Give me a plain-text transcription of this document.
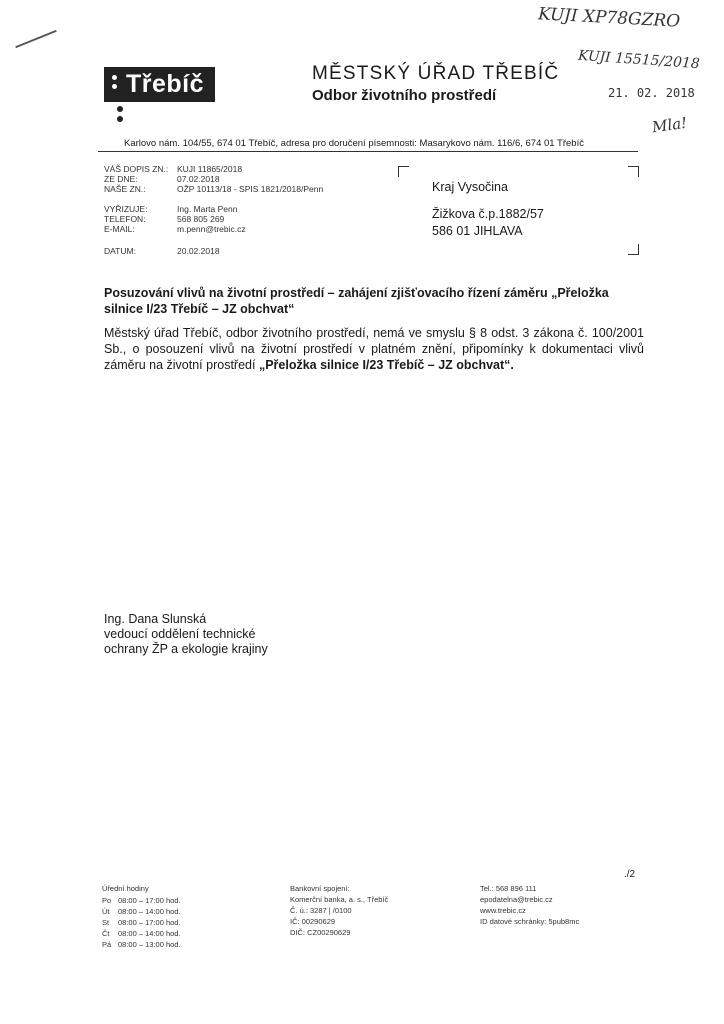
KUJI XP78GZRO
KUJI 15515/2018
21. 02. 2018
Mla!
Třebíč	MĚSTSKÝ ÚŘAD TŘEBÍČ
Odbor životního prostředí
Karlovo nám. 104/55, 674 01 Třebíč, adresa pro doručení písemnosti: Masarykovo nám. 116/6, 674 01 Třebíč
VÁŠ DOPIS ZN.: KUJI 11865/2018
ZE DNE:	07.02.2018
NAŠE ZN.:	OŽP 10113/18 - SPIS 1821/2018/Penn
VYŘIZUJE:	Ing. Marta Penn
TELEFON:	568 805 269
E-MAIL:	m.penn@trebic.cz
DATUM:	20.02.2018
Kraj Vysočina
Žižkova č.p.1882/57
586 01 JIHLAVA
Posuzování vlivů na životní prostředí – zahájení zjišťovacího řízení záměru „Přeložka silnice I/23 Třebíč – JZ obchvat“
Městský úřad Třebíč, odbor životního prostředí, nemá ve smyslu § 8 odst. 3 zákona č. 100/2001 Sb., o posouzení vlivů na životní prostředí v platném znění, připomínky k dokumentaci vlivů záměru na životní prostředí „Přeložka silnice I/23 Třebíč – JZ obchvat“.
Ing. Dana Slunská
vedoucí oddělení technické
ochrany ŽP a ekologie krajiny
./2
Úřední hodiny
Po 08:00 – 17:00 hod.
Út 08:00 – 14:00 hod.
St 08:00 – 17:00 hod.
Čt 08:00 – 14:00 hod.
Pá 08:00 – 13:00 hod.
Bankovní spojení:
Komerční banka, a. s., Třebíč
Č. ú.: 3287 | /0100
IČ: 00290629
DIČ: CZ00290629
Tel.: 568 896 111
epodatelna@trebic.cz
www.trebic.cz
ID datové schránky: 5pub8mc
